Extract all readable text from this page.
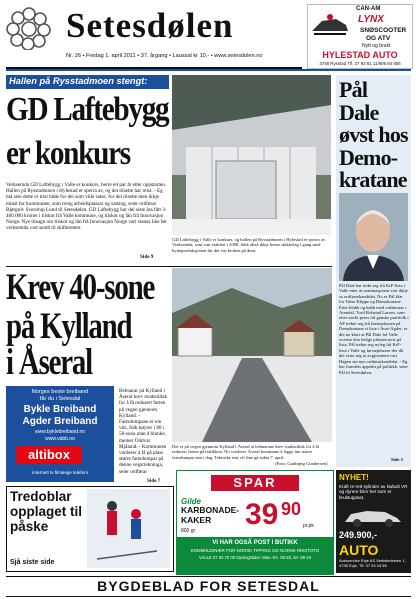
Setesdølen
Nr. 26 • Fredag 1. april 2011 • 37. årgang • Laussal kr 10,- • www.setesdolen.no
CAN-AM
LYNX
SNØSCOOTER
OG ATV
Nytt og brukt
HYLESTAD AUTO
4748 Rysstad Tlf. 37 93 61 11/906 84 806
Hallen på Rysstadmoen stengt:
GD Laftebygg
er konkurs
Verksemda GD Laftebygg i Valle er konkurs, berre eit par år etter oppstarten. Hallen på Rysstadmoen i Hylestad er sperra av, og det tilsette har reist. - Eg må seie dette er trist både for dei som ville satse, for dei tilsette men ikkje minst for kommunen, som treng arbeidsplassar og satsing, seier ordførar Bjørgulv Sverdrup Lund til Setesdølen. GD Laftebygg har dei siste åra fått 3-400.000 kroner i tilskot frå Valle kommune, og tilskot og lån frå Innovasjon Norge. Nye tilsagn om tilskot og lån frå Innovasjon Norge vart stansa like før verksemda vart sendt til skifteretten.
Side 9
GD Laftebygg i Valle er konkurs, og hallen på Rysstadmoen i Hylestad er sperra av. Verksemda, som vart etablert i 2008, fekk altså ikkje kome skikkeleg i gang med hytteproduksjonen før det var kroken på døra.
Pål Dale øvst hos Demo-kratane
Pål Dale har trekt seg frå KrF-lista i Valle etter at nominasjonen vart ikkje sa ordførarkandidat. No er Pål klar for Valse Klippe og Demokratane. Etter klabb og babb med ordførarar i Arendal, Toril Robstad Larsen, som etter sterkt press frå ganske partifolk i AP trekte seg frå førsteplassen på Demokratane si liste i Aust-Agder, er det no klart at Pål Dale frå Valle overtar den ledige plassen øvst på lista. Pål trekte seg nyleg frå KrF-lista i Valle og førsteplassen der då det viste seg at avgjorsmen vart Hagen sin nye ordførarkandidat. - Eg har framleis appetitt på politikk, seier Pål til Setesdølen.
Side 5
Krev 40-sone
på Kylland
i Åseral
Bebuarar på Kylland i Åseral krev strakstiltak for å få redusert farten på vegen gjennom Kylland. - Fartsdumpane er ein vits, folk køyrer i 80 i 50-sona utan å blunke, meiner Oddvar Mjåland. - Kommunen vurderer å få på plass større fartsdumpar på denne vegstrekninga, seier ordførar
Side 7
Det er på vegen gjennom Kylland i Åseral at bebuarane krev strakstiltak for å få redusert farten på trafikken. No vurderer Åseral kommune å legge inn større fartsdumpar enn i dag. Tekniske etat vil fine gå sukta 7. april.
(Foto: Gunbjørg Gundersen)
Norges beste breiband
får du i Setesdal
Bykle Breiband
Agder Breiband
www.byklebreiband.no
www.vabb.no
altibox
internett tv filmleige telefoni
Tredoblar opplaget til påske
Sjå siste side
SPAR
Gilde
KARBONADE-KAKER
800 gr. 39 90
pr.pk
VI HAR OGSÅ POST I BUTIKK
KOMMISJONÆR FOR NORSK TIPPING OG NORSK RIKSTOTO
VALLE 37 93 70 00 Opningstider: Man.-fre. 08-20, lør. 08-18
NYHET!
Kraft re-rett sylinder av kwbult VR og dyrere biler her som er bruktuppsat.
249.900,-
AUTO
Autoservice Evje AS Verkstedveien 1, 4735 Evje. Tlf: 37 93 15 55
BYGDEBLAD FOR SETESDAL
